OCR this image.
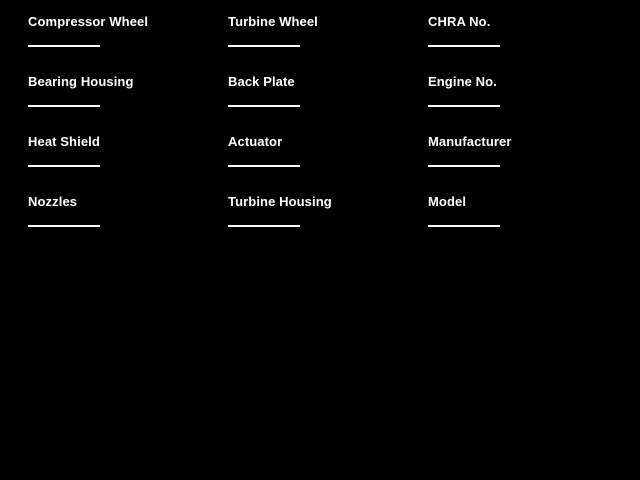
Compressor Wheel	Turbine Wheel	CHRA No.
Bearing Housing	Back Plate	Engine No.
Heat Shield	Actuator	Manufacturer
Nozzles	Turbine Housing	Model
